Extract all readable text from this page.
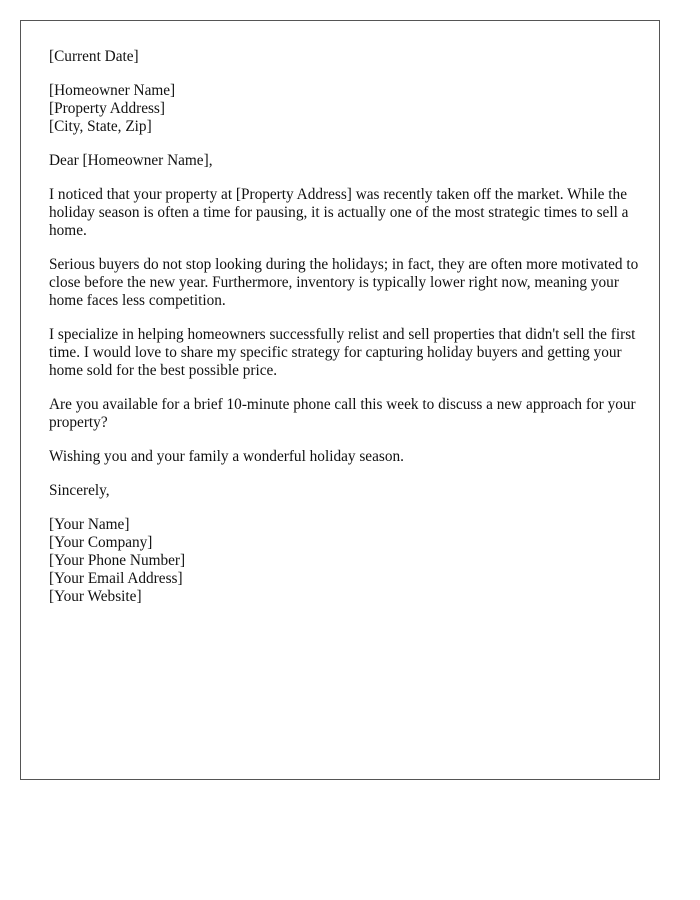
[Current Date]

[Homeowner Name]
[Property Address]
[City, State, Zip]

Dear [Homeowner Name],

I noticed that your property at [Property Address] was recently taken off the market. While the holiday season is often a time for pausing, it is actually one of the most strategic times to sell a home.

Serious buyers do not stop looking during the holidays; in fact, they are often more motivated to close before the new year. Furthermore, inventory is typically lower right now, meaning your home faces less competition.

I specialize in helping homeowners successfully relist and sell properties that didn't sell the first time. I would love to share my specific strategy for capturing holiday buyers and getting your home sold for the best possible price.

Are you available for a brief 10-minute phone call this week to discuss a new approach for your property?

Wishing you and your family a wonderful holiday season.

Sincerely,

[Your Name]
[Your Company]
[Your Phone Number]
[Your Email Address]
[Your Website]
